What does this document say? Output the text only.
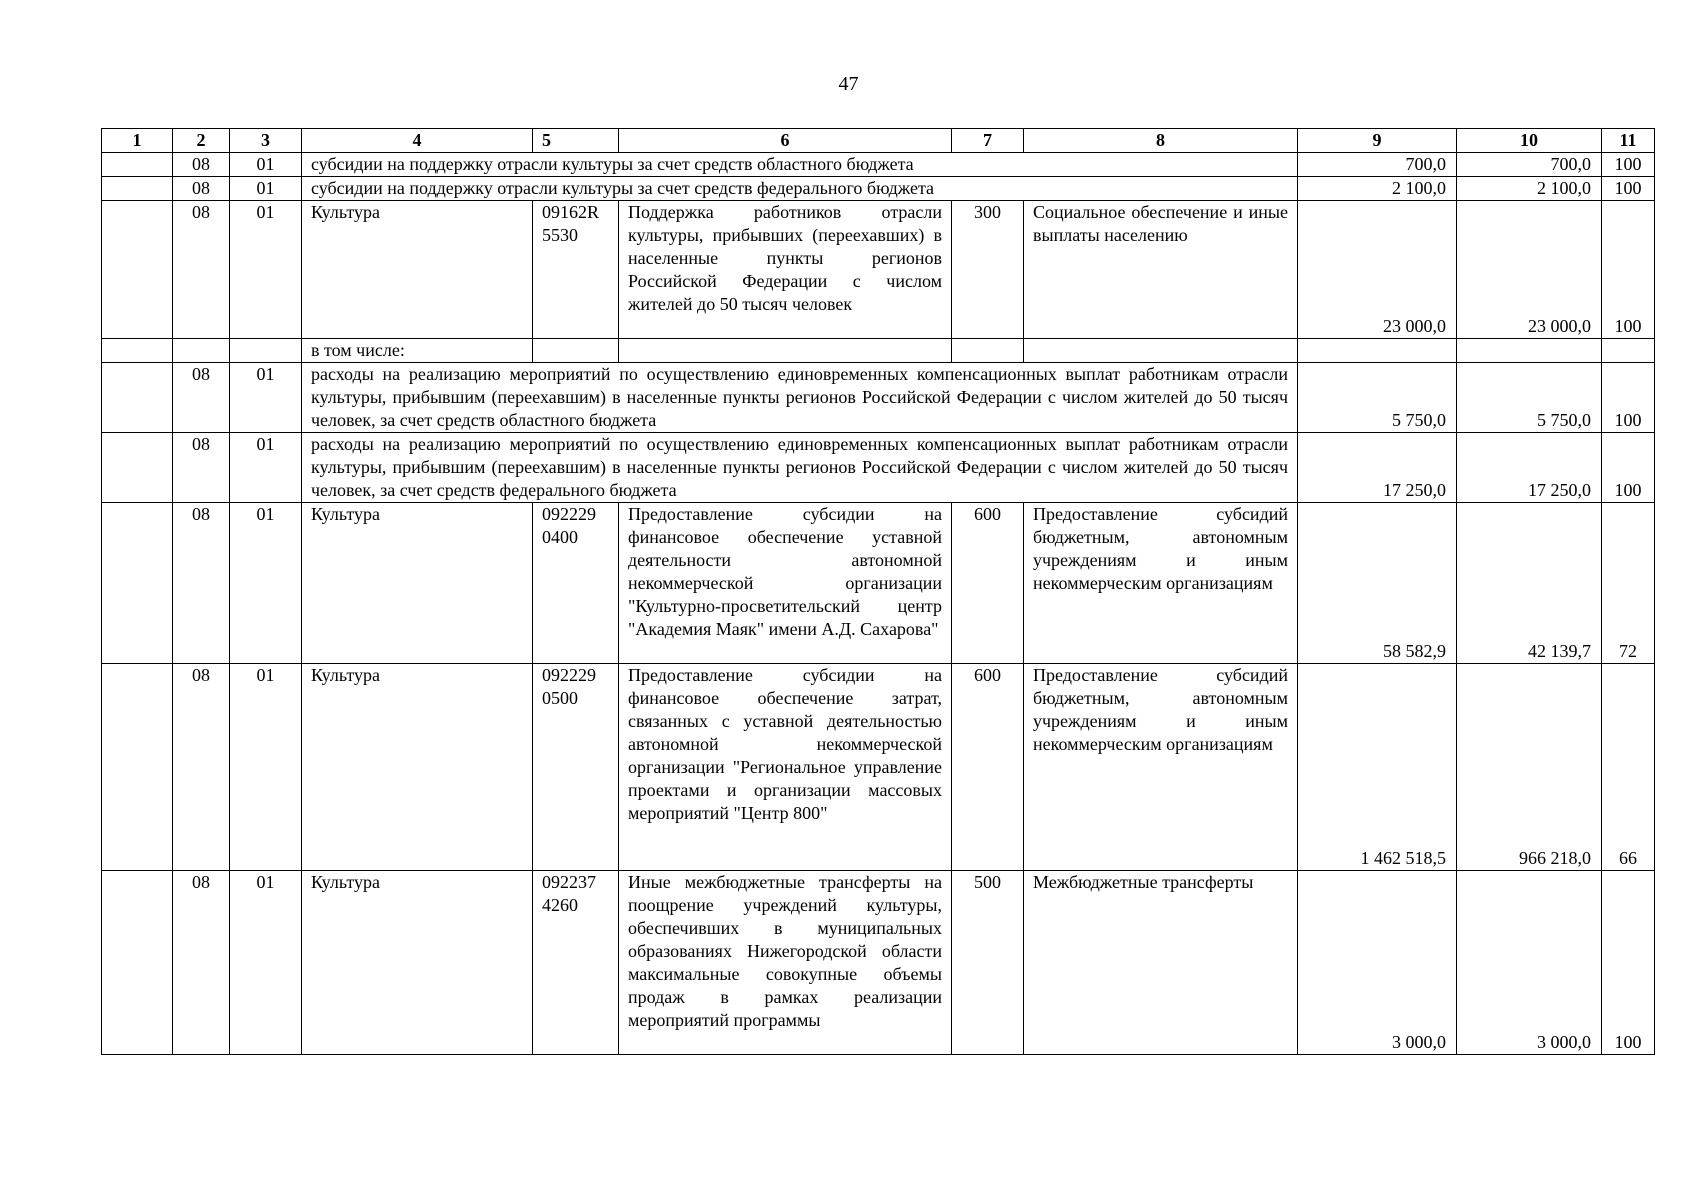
47
1	2	3	4	5	6	7	8	9	10	11
	08	01	субсидии на поддержку отрасли культуры за счет средств областного бюджета					700,0	700,0	100
	08	01	субсидии на поддержку отрасли культуры за счет средств федерального бюджета					2 100,0	2 100,0	100
	08	01	Культура	09162R 5530	Поддержка работников отрасли культуры, прибывших (переехавших) в населенные пункты регионов Российской Федерации с числом жителей до 50 тысяч человек	300	Социальное обеспечение и иные выплаты населению	23 000,0	23 000,0	100
			в том числе:							
	08	01	расходы на реализацию мероприятий по осуществлению единовременных компенсационных выплат работникам отрасли культуры, прибывшим (переехавшим) в населенные пункты регионов Российской Федерации с числом жителей до 50 тысяч человек, за счет средств областного бюджета					5 750,0	5 750,0	100
	08	01	расходы на реализацию мероприятий по осуществлению единовременных компенсационных выплат работникам отрасли культуры, прибывшим (переехавшим) в населенные пункты регионов Российской Федерации с числом жителей до 50 тысяч человек, за счет средств федерального бюджета					17 250,0	17 250,0	100
	08	01	Культура	092229 0400	Предоставление субсидии на финансовое обеспечение уставной деятельности автономной некоммерческой организации "Культурно-просветительский центр "Академия Маяк" имени А.Д. Сахарова"	600	Предоставление субсидий бюджетным, автономным учреждениям и иным некоммерческим организациям	58 582,9	42 139,7	72
	08	01	Культура	092229 0500	Предоставление субсидии на финансовое обеспечение затрат, связанных с уставной деятельностью автономной некоммерческой организации "Региональное управление проектами и организации массовых мероприятий "Центр 800"	600	Предоставление субсидий бюджетным, автономным учреждениям и иным некоммерческим организациям	1 462 518,5	966 218,0	66
	08	01	Культура	092237 4260	Иные межбюджетные трансферты на поощрение учреждений культуры, обеспечивших в муниципальных образованиях Нижегородской области максимальные совокупные объемы продаж в рамках реализации мероприятий программы	500	Межбюджетные трансферты	3 000,0	3 000,0	100
